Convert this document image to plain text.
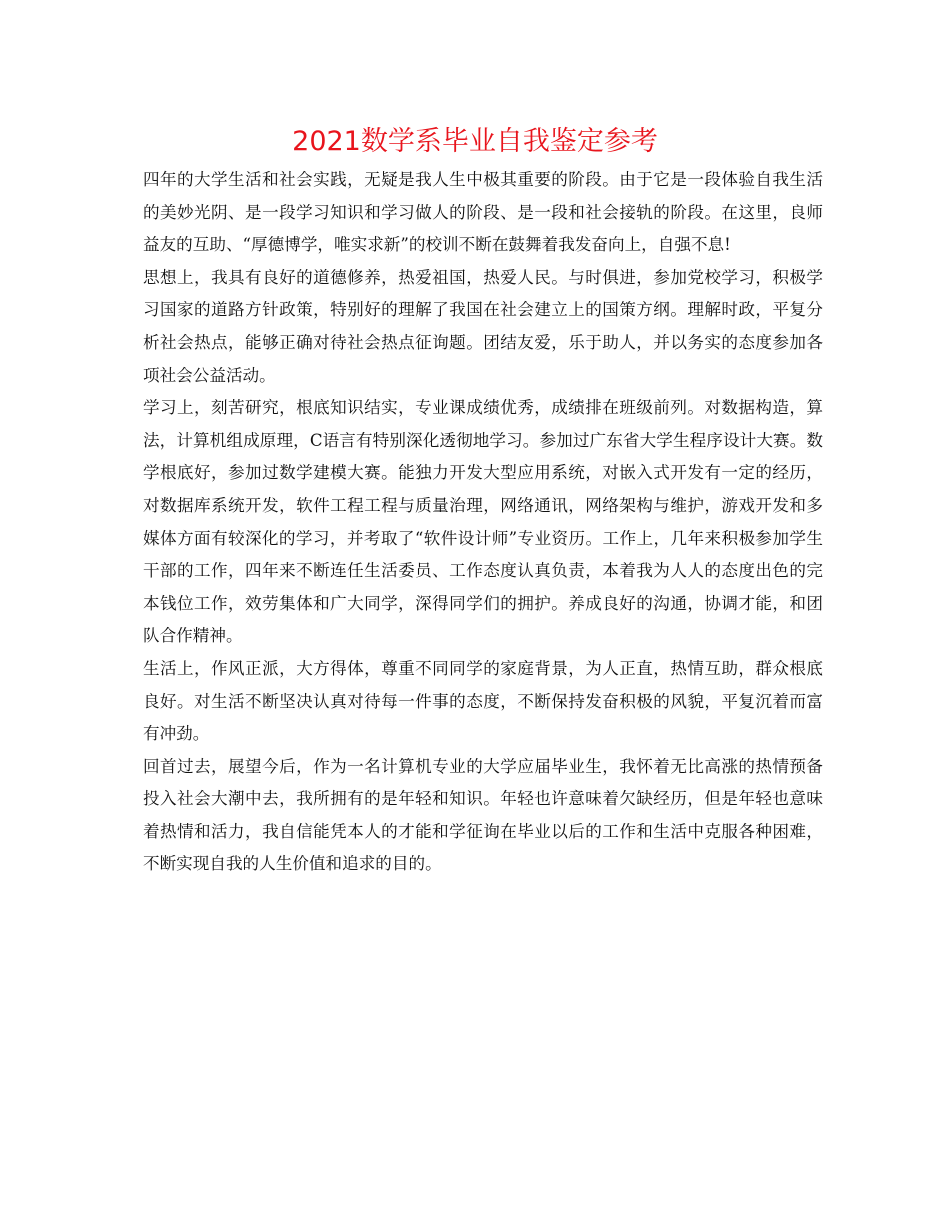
2021数学系毕业自我鉴定参考

四年的大学生活和社会实践，无疑是我人生中极其重要的阶段。由于它是一段体验自我生活的美妙光阴、是一段学习知识和学习做人的阶段、是一段和社会接轨的阶段。在这里，良师益友的互助、“厚德博学，唯实求新”的校训不断在鼓舞着我发奋向上，自强不息!

思想上，我具有良好的道德修养，热爱祖国，热爱人民。与时俱进，参加党校学习，积极学习国家的道路方针政策，特别好的理解了我国在社会建立上的国策方纲。理解时政，平复分析社会热点，能够正确对待社会热点征询题。团结友爱，乐于助人，并以务实的态度参加各项社会公益活动。

学习上，刻苦研究，根底知识结实，专业课成绩优秀，成绩排在班级前列。对数据构造，算法，计算机组成原理，C语言有特别深化透彻地学习。参加过广东省大学生程序设计大赛。数学根底好，参加过数学建模大赛。能独力开发大型应用系统，对嵌入式开发有一定的经历，对数据库系统开发，软件工程工程与质量治理，网络通讯，网络架构与维护，游戏开发和多媒体方面有较深化的学习，并考取了“软件设计师”专业资历。工作上，几年来积极参加学生干部的工作，四年来不断连任生活委员、工作态度认真负责，本着我为人人的态度出色的完本钱位工作，效劳集体和广大同学，深得同学们的拥护。养成良好的沟通，协调才能，和团队合作精神。

生活上，作风正派，大方得体，尊重不同同学的家庭背景，为人正直，热情互助，群众根底良好。对生活不断坚决认真对待每一件事的态度，不断保持发奋积极的风貌，平复沉着而富有冲劲。

回首过去，展望今后，作为一名计算机专业的大学应届毕业生，我怀着无比高涨的热情预备投入社会大潮中去，我所拥有的是年轻和知识。年轻也许意味着欠缺经历，但是年轻也意味着热情和活力，我自信能凭本人的才能和学征询在毕业以后的工作和生活中克服各种困难，不断实现自我的人生价值和追求的目的。
